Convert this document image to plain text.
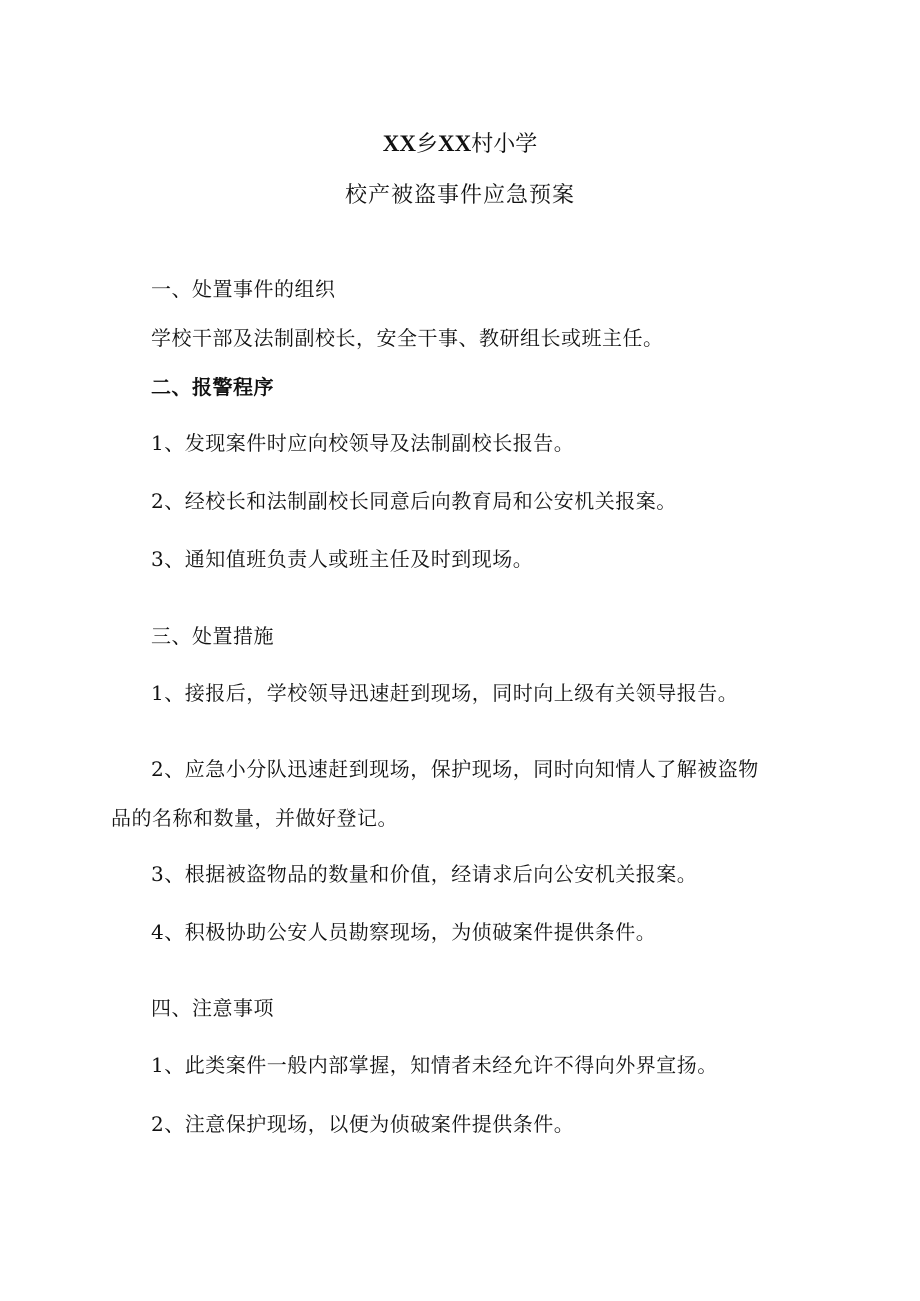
XX乡XX村小学
校产被盗事件应急预案
一、处置事件的组织
学校干部及法制副校长，安全干事、教研组长或班主任。
二、报警程序
1、发现案件时应向校领导及法制副校长报告。
2、经校长和法制副校长同意后向教育局和公安机关报案。
3、通知值班负责人或班主任及时到现场。
三、处置措施
1、接报后，学校领导迅速赶到现场，同时向上级有关领导报告。
2、应急小分队迅速赶到现场，保护现场，同时向知情人了解被盗物
品的名称和数量，并做好登记。
3、根据被盗物品的数量和价值，经请求后向公安机关报案。
4、积极协助公安人员勘察现场，为侦破案件提供条件。
四、注意事项
1、此类案件一般内部掌握，知情者未经允许不得向外界宣扬。
2、注意保护现场，以便为侦破案件提供条件。
